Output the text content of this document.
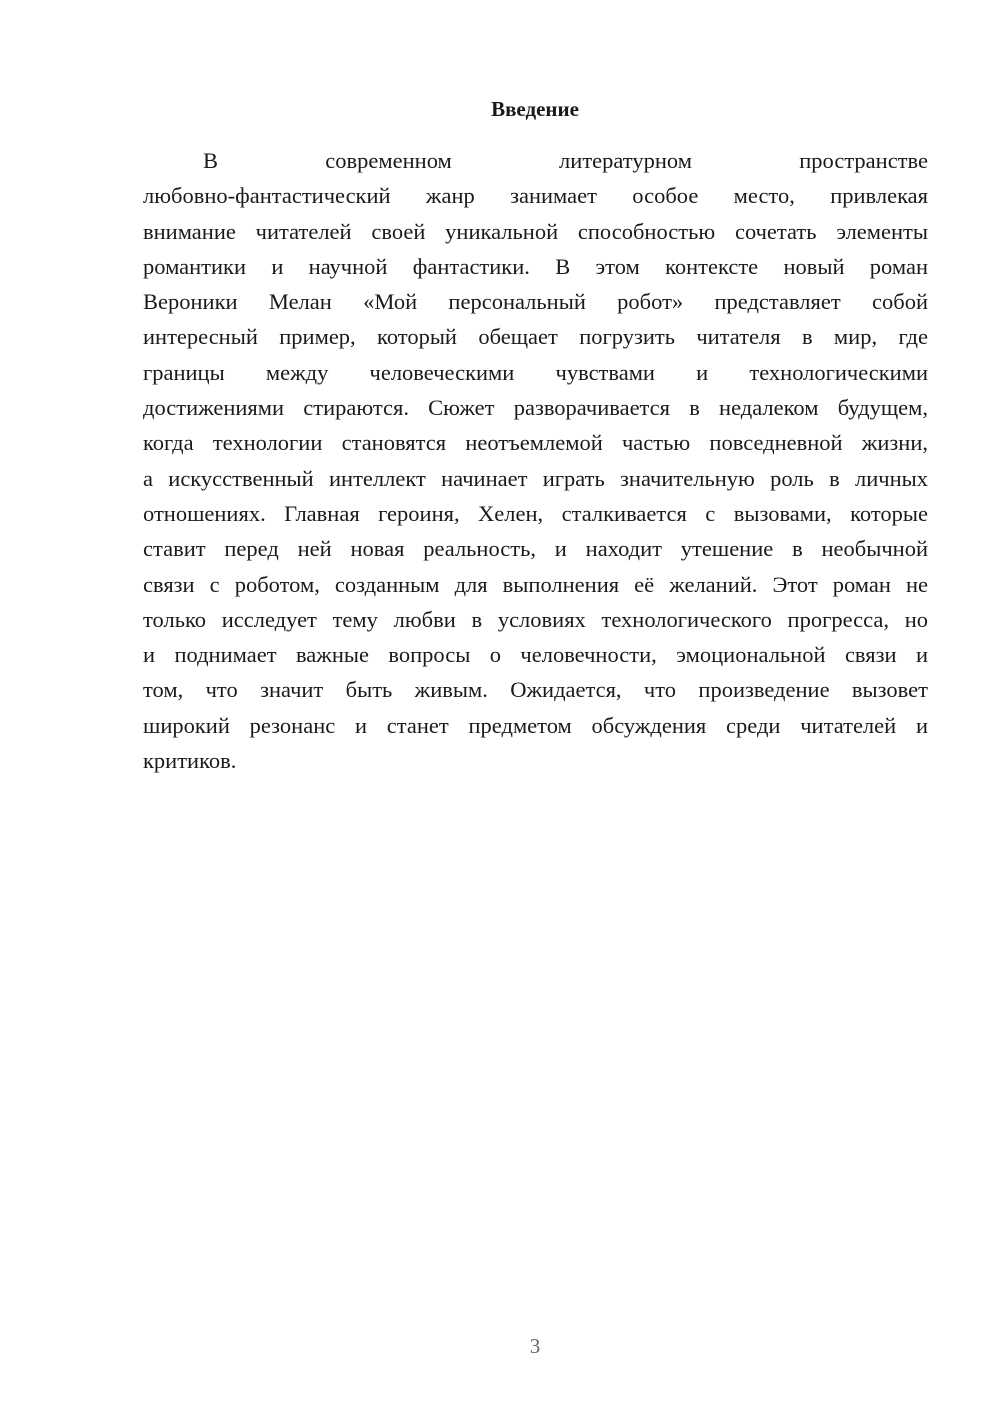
Введение
В современном литературном пространстве
любовно-фантастический жанр занимает особое место, привлекая
внимание читателей своей уникальной способностью сочетать элементы
романтики и научной фантастики. В этом контексте новый роман
Вероники Мелан «Мой персональный робот» представляет собой
интересный пример, который обещает погрузить читателя в мир, где
границы между человеческими чувствами и технологическими
достижениями стираются. Сюжет разворачивается в недалеком будущем,
когда технологии становятся неотъемлемой частью повседневной жизни,
а искусственный интеллект начинает играть значительную роль в личных
отношениях. Главная героиня, Хелен, сталкивается с вызовами, которые
ставит перед ней новая реальность, и находит утешение в необычной
связи с роботом, созданным для выполнения её желаний. Этот роман не
только исследует тему любви в условиях технологического прогресса, но
и поднимает важные вопросы о человечности, эмоциональной связи и
том, что значит быть живым. Ожидается, что произведение вызовет
широкий резонанс и станет предметом обсуждения среди читателей и
критиков.
3
